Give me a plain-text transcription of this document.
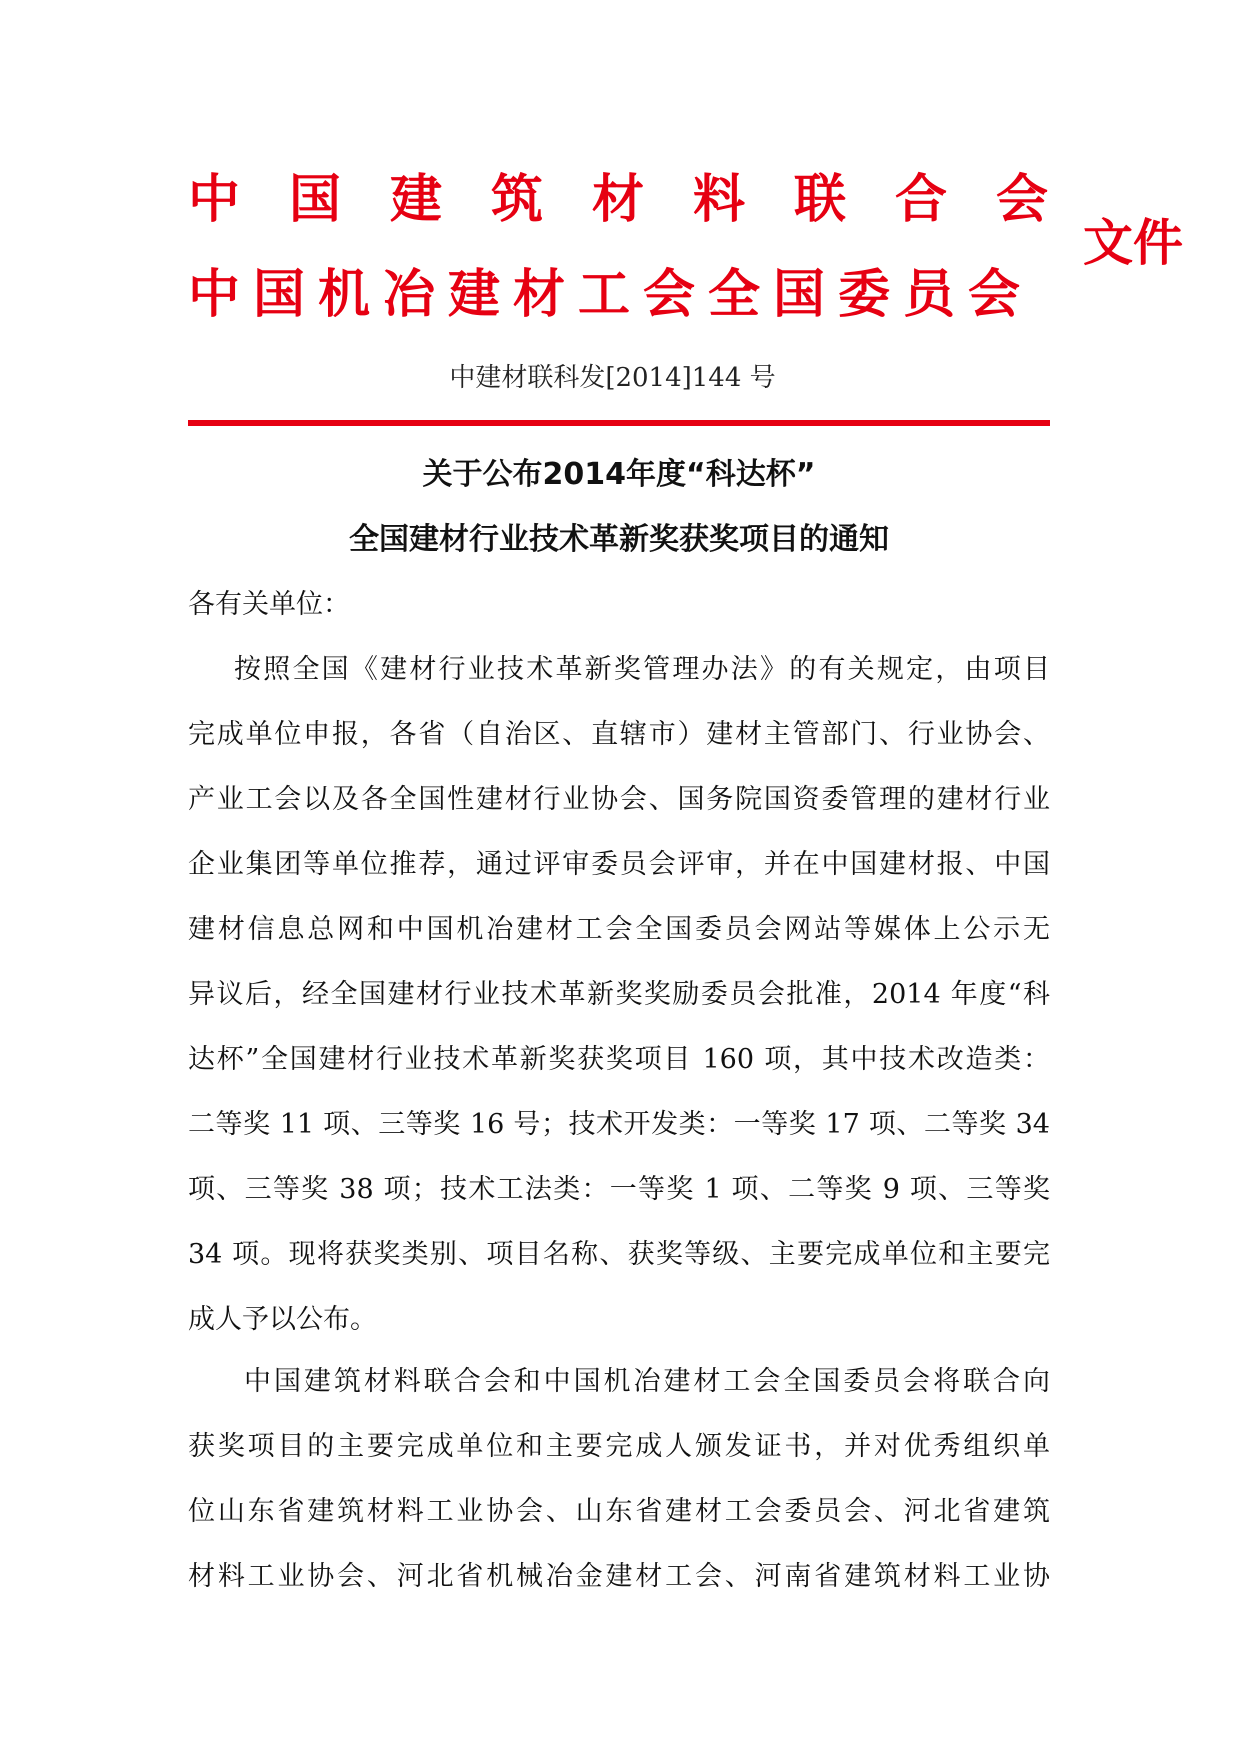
中国建筑材料联合会
中国机冶建材工会全国委员会
文件
中建材联科发[2014]144 号
关于公布2014年度“科达杯”
全国建材行业技术革新奖获奖项目的通知
各有关单位：
按照全国《建材行业技术革新奖管理办法》的有关规定，由项目
完成单位申报，各省（自治区、直辖市）建材主管部门、行业协会、
产业工会以及各全国性建材行业协会、国务院国资委管理的建材行业
企业集团等单位推荐，通过评审委员会评审，并在中国建材报、中国
建材信息总网和中国机冶建材工会全国委员会网站等媒体上公示无
异议后，经全国建材行业技术革新奖奖励委员会批准，2014 年度“科
达杯”全国建材行业技术革新奖获奖项目 160 项，其中技术改造类：
二等奖 11 项、三等奖 16 号；技术开发类：一等奖 17 项、二等奖 34
项、三等奖 38 项；技术工法类：一等奖 1 项、二等奖 9 项、三等奖
34 项。现将获奖类别、项目名称、获奖等级、主要完成单位和主要完
成人予以公布。
中国建筑材料联合会和中国机冶建材工会全国委员会将联合向
获奖项目的主要完成单位和主要完成人颁发证书，并对优秀组织单
位山东省建筑材料工业协会、山东省建材工会委员会、河北省建筑
材料工业协会、河北省机械冶金建材工会、河南省建筑材料工业协
